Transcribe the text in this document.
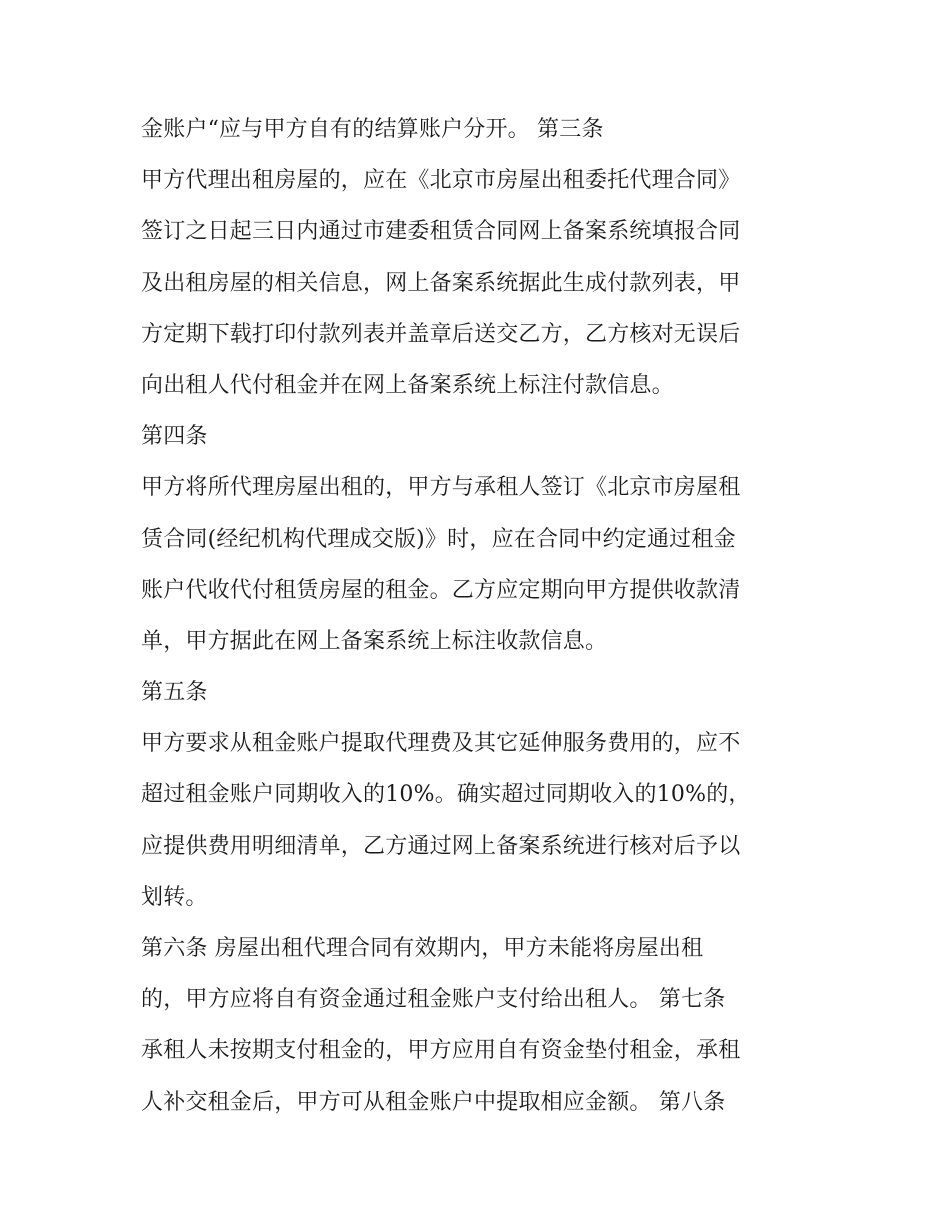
金账户“应与甲方自有的结算账户分开。 第三条
甲方代理出租房屋的，应在《北京市房屋出租委托代理合同》
签订之日起三日内通过市建委租赁合同网上备案系统填报合同
及出租房屋的相关信息，网上备案系统据此生成付款列表，甲
方定期下载打印付款列表并盖章后送交乙方，乙方核对无误后
向出租人代付租金并在网上备案系统上标注付款信息。
第四条
甲方将所代理房屋出租的，甲方与承租人签订《北京市房屋租
赁合同(经纪机构代理成交版)》时，应在合同中约定通过租金
账户代收代付租赁房屋的租金。乙方应定期向甲方提供收款清
单，甲方据此在网上备案系统上标注收款信息。
第五条
甲方要求从租金账户提取代理费及其它延伸服务费用的，应不
超过租金账户同期收入的10%。确实超过同期收入的10%的，
应提供费用明细清单，乙方通过网上备案系统进行核对后予以
划转。
第六条 房屋出租代理合同有效期内，甲方未能将房屋出租
的，甲方应将自有资金通过租金账户支付给出租人。 第七条
承租人未按期支付租金的，甲方应用自有资金垫付租金，承租
人补交租金后，甲方可从租金账户中提取相应金额。 第八条
